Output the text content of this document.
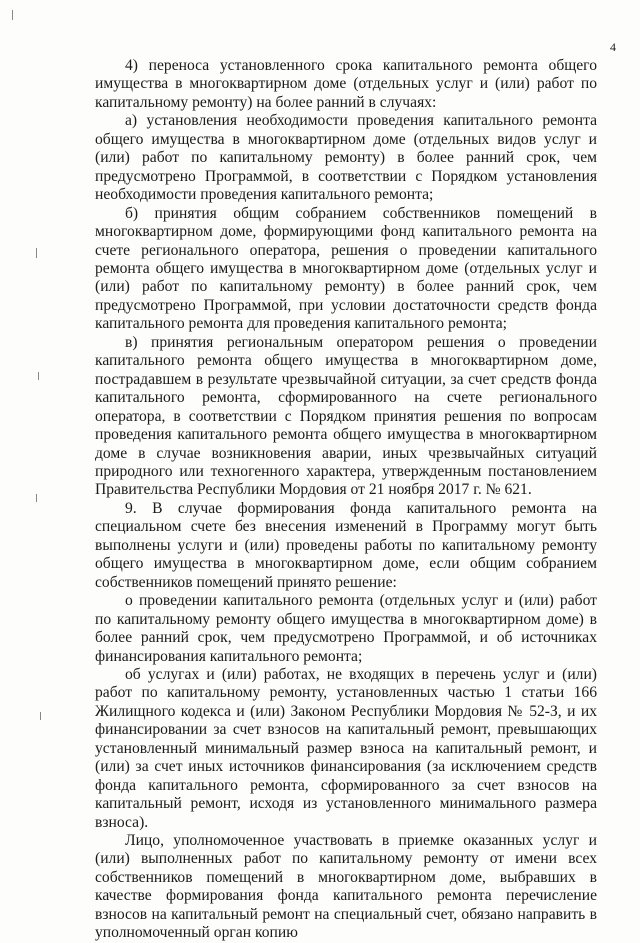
4

4) переноса установленного срока капитального ремонта общего имущества в многоквартирном доме (отдельных услуг и (или) работ по капитальному ремонту) на более ранний в случаях:

а) установления необходимости проведения капитального ремонта общего имущества в многоквартирном доме (отдельных видов услуг и (или) работ по капитальному ремонту) в более ранний срок, чем предусмотрено Программой, в соответствии с Порядком установления необходимости проведения капитального ремонта;

б) принятия общим собранием собственников помещений в многоквартирном доме, формирующими фонд капитального ремонта на счете регионального оператора, решения о проведении капитального ремонта общего имущества в многоквартирном доме (отдельных услуг и (или) работ по капитальному ремонту) в более ранний срок, чем предусмотрено Программой, при условии достаточности средств фонда капитального ремонта для проведения капитального ремонта;

в) принятия региональным оператором решения о проведении капитального ремонта общего имущества в многоквартирном доме, пострадавшем в результате чрезвычайной ситуации, за счет средств фонда капитального ремонта, сформированного на счете регионального оператора, в соответствии с Порядком принятия решения по вопросам проведения капитального ремонта общего имущества в многоквартирном доме в случае возникновения аварии, иных чрезвычайных ситуаций природного или техногенного характера, утвержденным постановлением Правительства Республики Мордовия от 21 ноября 2017 г. № 621.

9. В случае формирования фонда капитального ремонта на специальном счете без внесения изменений в Программу могут быть выполнены услуги и (или) проведены работы по капитальному ремонту общего имущества в многоквартирном доме, если общим собранием собственников помещений принято решение:

о проведении капитального ремонта (отдельных услуг и (или) работ по капитальному ремонту общего имущества в многоквартирном доме) в более ранний срок, чем предусмотрено Программой, и об источниках финансирования капитального ремонта;

об услугах и (или) работах, не входящих в перечень услуг и (или) работ по капитальному ремонту, установленных частью 1 статьи 166 Жилищного кодекса и (или) Законом Республики Мордовия № 52-З, и их финансировании за счет взносов на капитальный ремонт, превышающих установленный минимальный размер взноса на капитальный ремонт, и (или) за счет иных источников финансирования (за исключением средств фонда капитального ремонта, сформированного за счет взносов на капитальный ремонт, исходя из установленного минимального размера взноса).

Лицо, уполномоченное участвовать в приемке оказанных услуг и (или) выполненных работ по капитальному ремонту от имени всех собственников помещений в многоквартирном доме, выбравших в качестве формирования фонда капитального ремонта перечисление взносов на капитальный ремонт на специальный счет, обязано направить в уполномоченный орган копию
